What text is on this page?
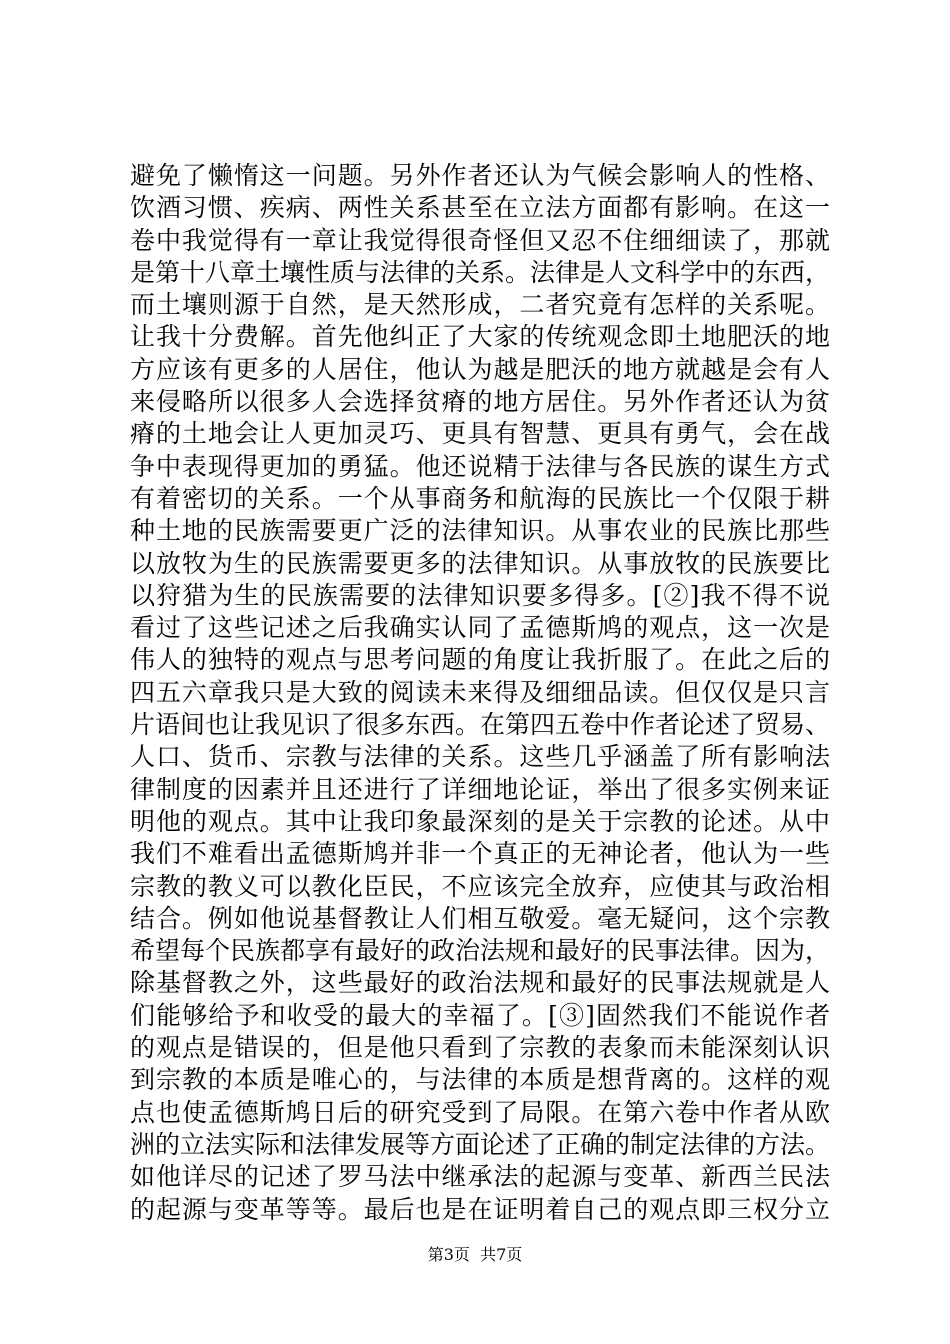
避免了懒惰这一问题。另外作者还认为气候会影响人的性格、
饮酒习惯、疾病、两性关系甚至在立法方面都有影响。在这一
卷中我觉得有一章让我觉得很奇怪但又忍不住细细读了，那就
是第十八章土壤性质与法律的关系。法律是人文科学中的东西，
而土壤则源于自然，是天然形成，二者究竟有怎样的关系呢。
让我十分费解。首先他纠正了大家的传统观念即土地肥沃的地
方应该有更多的人居住，他认为越是肥沃的地方就越是会有人
来侵略所以很多人会选择贫瘠的地方居住。另外作者还认为贫
瘠的土地会让人更加灵巧、更具有智慧、更具有勇气，会在战
争中表现得更加的勇猛。他还说精于法律与各民族的谋生方式
有着密切的关系。一个从事商务和航海的民族比一个仅限于耕
种土地的民族需要更广泛的法律知识。从事农业的民族比那些
以放牧为生的民族需要更多的法律知识。从事放牧的民族要比
以狩猎为生的民族需要的法律知识要多得多。[②]我不得不说
看过了这些记述之后我确实认同了孟德斯鸠的观点，这一次是
伟人的独特的观点与思考问题的角度让我折服了。在此之后的
四五六章我只是大致的阅读未来得及细细品读。但仅仅是只言
片语间也让我见识了很多东西。在第四五卷中作者论述了贸易、
人口、货币、宗教与法律的关系。这些几乎涵盖了所有影响法
律制度的因素并且还进行了详细地论证，举出了很多实例来证
明他的观点。其中让我印象最深刻的是关于宗教的论述。从中
我们不难看出孟德斯鸠并非一个真正的无神论者，他认为一些
宗教的教义可以教化臣民，不应该完全放弃，应使其与政治相
结合。例如他说基督教让人们相互敬爱。毫无疑问，这个宗教
希望每个民族都享有最好的政治法规和最好的民事法律。因为，
除基督教之外，这些最好的政治法规和最好的民事法规就是人
们能够给予和收受的最大的幸福了。[③]固然我们不能说作者
的观点是错误的，但是他只看到了宗教的表象而未能深刻认识
到宗教的本质是唯心的，与法律的本质是想背离的。这样的观
点也使孟德斯鸠日后的研究受到了局限。在第六卷中作者从欧
洲的立法实际和法律发展等方面论述了正确的制定法律的方法。
如他详尽的记述了罗马法中继承法的起源与变革、新西兰民法
的起源与变革等等。最后也是在证明着自己的观点即三权分立
第3页 共7页
